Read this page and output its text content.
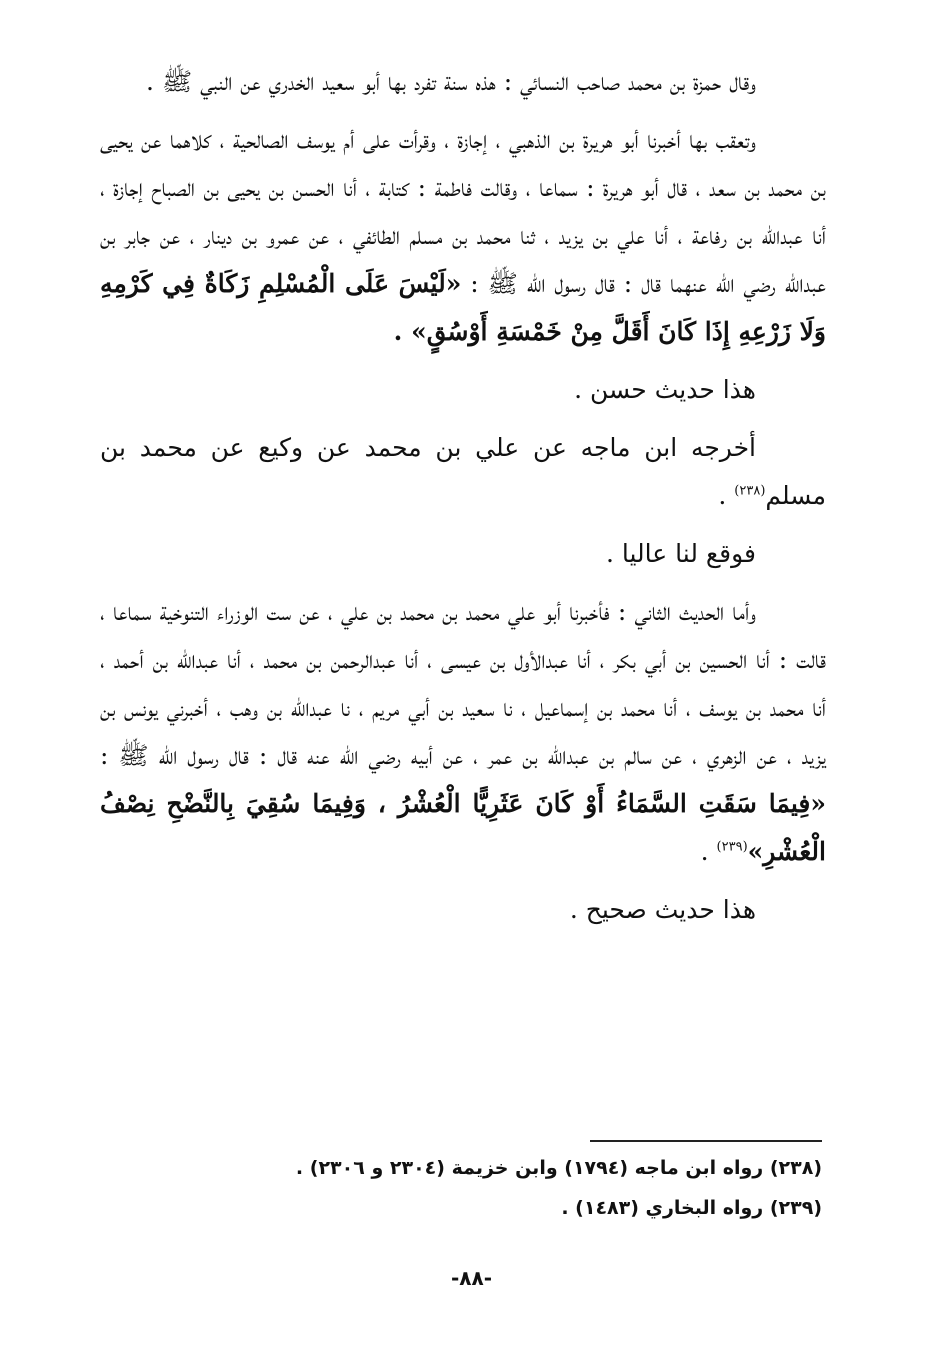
وقال حمزة بن محمد صاحب النسائي : هذه سنة تفرد بها أبو سعيد الخدري عن النبي ﷺ .

وتعقب بها أخبرنا أبو هريرة بن الذهبي ، إجازة ، وقرأت على أم يوسف الصالحية ، كلاهما عن يحيى بن محمد بن سعد ، قال أبو هريرة : سماعا ، وقالت فاطمة : كتابة ، أنا الحسن بن يحيى بن الصباح إجازة ، أنا عبدالله بن رفاعة ، أنا علي بن يزيد ، ثنا محمد بن مسلم الطائفي ، عن عمرو بن دينار ، عن جابر بن عبدالله رضي الله عنهما قال : قال رسول الله ﷺ : «لَيْسَ عَلَى الْمُسْلِمِ زَكَاةٌ فِي كَرْمِهِ وَلَا زَرْعِهِ إِذَا كَانَ أَقَلَّ مِنْ خَمْسَةِ أَوْسُقٍ» .

هذا حديث حسن .

أخرجه ابن ماجه عن علي بن محمد عن وكيع عن محمد بن مسلم$^{(٢٣٨)}$ .

فوقع لنا عاليا .

وأما الحديث الثاني : فأخبرنا أبو علي محمد بن محمد بن علي ، عن ست الوزراء التنوخية سماعا ، قالت : أنا الحسين بن أبي بكر ، أنا عبدالأول بن عيسى ، أنا عبدالرحمن بن محمد ، أنا عبدالله بن أحمد ، أنا محمد بن يوسف ، أنا محمد بن إسماعيل ، نا سعيد بن أبي مريم ، نا عبدالله بن وهب ، أخبرني يونس بن يزيد ، عن الزهري ، عن سالم بن عبدالله بن عمر ، عن أبيه رضي الله عنه قال : قال رسول الله ﷺ : «فِيمَا سَقَتِ السَّمَاءُ أَوْ كَانَ عَثَرِيًّا الْعُشْرُ ، وَفِيمَا سُقِيَ بِالنَّضْحِ نِصْفُ الْعُشْرِ»$^{(٢٣٩)}$ .

هذا حديث صحيح .

(٢٣٨) رواه ابن ماجه (١٧٩٤) وابن خزيمة (٢٣٠٤ و ٢٣٠٦) .

(٢٣٩) رواه البخاري (١٤٨٣) .

-٨٨-
